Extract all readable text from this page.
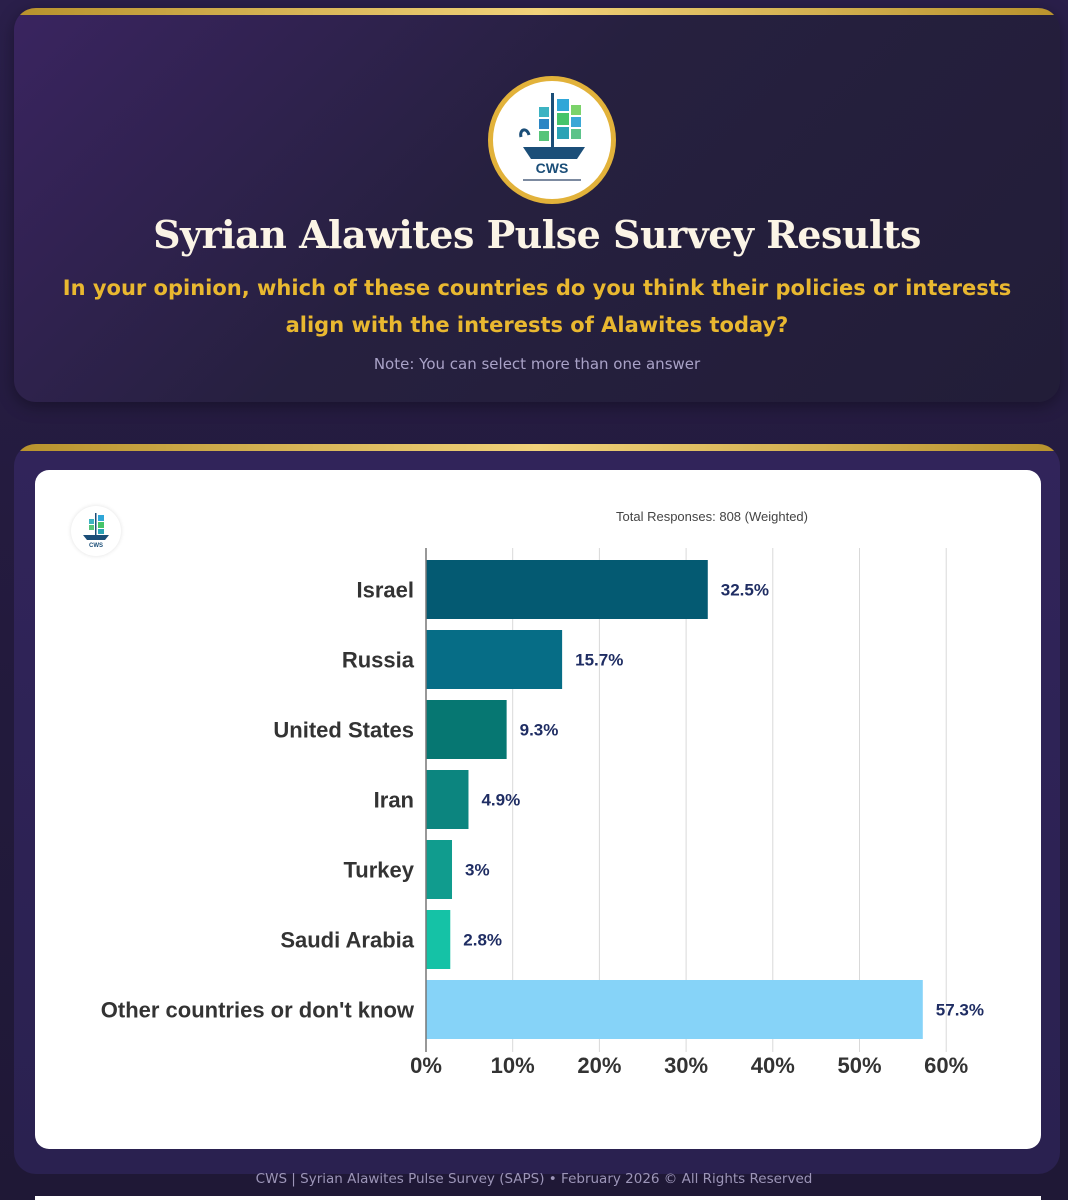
CWS
Syrian Alawites Pulse Survey Results
In your opinion, which of these countries do you think their policies or interests align with the interests of Alawites today?
Note: You can select more than one answer
CWS
Total Responses: 808 (Weighted)
Israel	32.5%
Russia	15.7%
United States	9.3%
Iran	4.9%
Turkey	3%
Saudi Arabia	2.8%
Other countries or don't know	57.3%
0% 10% 20% 30% 40% 50% 60%
CWS | Syrian Alawites Pulse Survey (SAPS) • February 2026 © All Rights Reserved
